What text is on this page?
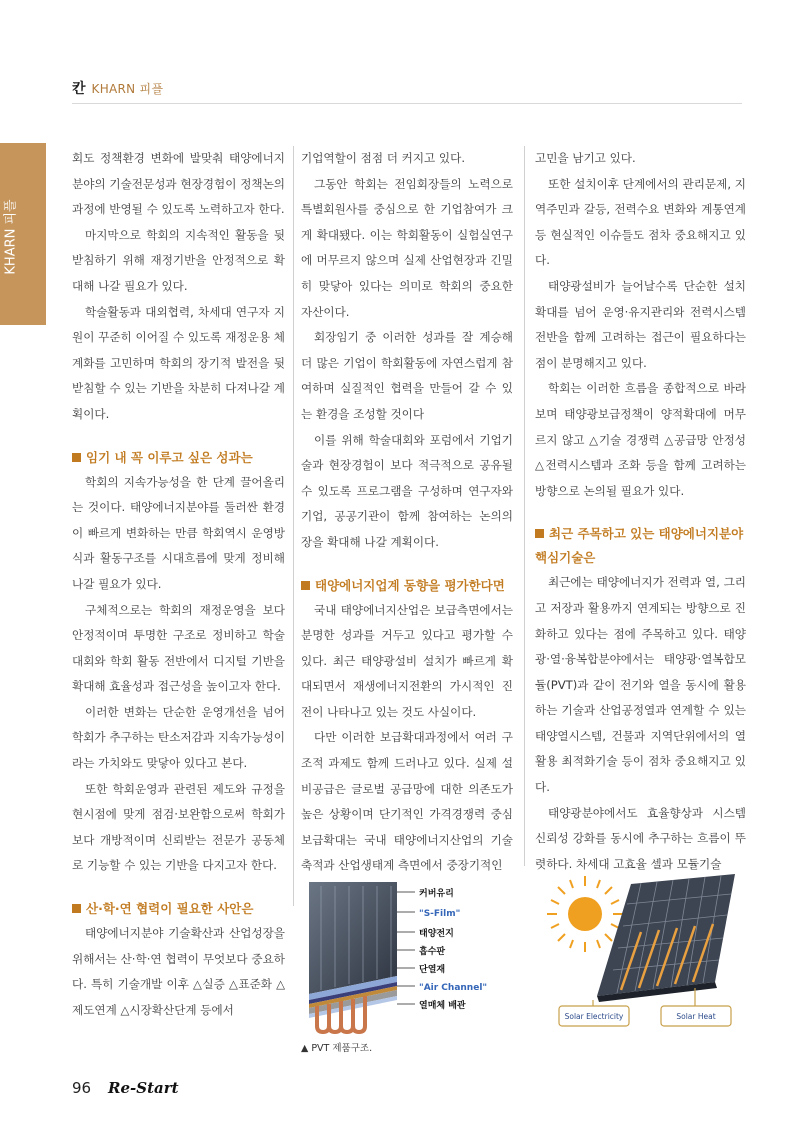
칸 KHARN 피플
KHARN 피플

회도 정책환경 변화에 발맞춰 태양에너지 분야의 기술전문성과 현장경험이 정책논의과정에 반영될 수 있도록 노력하고자 한다.

마지막으로 학회의 지속적인 활동을 뒷받침하기 위해 재정기반을 안정적으로 확대해 나갈 필요가 있다.

학술활동과 대외협력, 차세대 연구자 지원이 꾸준히 이어질 수 있도록 재정운용 체계화를 고민하며 학회의 장기적 발전을 뒷받침할 수 있는 기반을 차분히 다져나갈 계획이다.

임기 내 꼭 이루고 싶은 성과는

학회의 지속가능성을 한 단계 끌어올리는 것이다. 태양에너지분야를 둘러싼 환경이 빠르게 변화하는 만큼 학회역시 운영방식과 활동구조를 시대흐름에 맞게 정비해 나갈 필요가 있다.

구체적으로는 학회의 재정운영을 보다 안정적이며 투명한 구조로 정비하고 학술대회와 학회 활동 전반에서 디지털 기반을 확대해 효율성과 접근성을 높이고자 한다.

이러한 변화는 단순한 운영개선을 넘어 학회가 추구하는 탄소저감과 지속가능성이라는 가치와도 맞닿아 있다고 본다.

또한 학회운영과 관련된 제도와 규정을 현시점에 맞게 점검·보완함으로써 학회가 보다 개방적이며 신뢰받는 전문가 공동체로 기능할 수 있는 기반을 다지고자 한다.

산·학·연 협력이 필요한 사안은

태양에너지분야 기술확산과 산업성장을 위해서는 산·학·연 협력이 무엇보다 중요하다. 특히 기술개발 이후 △실증 △표준화 △제도연계 △시장확산단계 등에서

기업역할이 점점 더 커지고 있다.

그동안 학회는 전임회장들의 노력으로 특별회원사를 중심으로 한 기업참여가 크게 확대됐다. 이는 학회활동이 실험실연구에 머무르지 않으며 실제 산업현장과 긴밀히 맞닿아 있다는 의미로 학회의 중요한 자산이다.

회장임기 중 이러한 성과를 잘 계승해 더 많은 기업이 학회활동에 자연스럽게 참여하며 실질적인 협력을 만들어 갈 수 있는 환경을 조성할 것이다

이를 위해 학술대회와 포럼에서 기업기술과 현장경험이 보다 적극적으로 공유될 수 있도록 프로그램을 구성하며 연구자와 기업, 공공기관이 함께 참여하는 논의의 장을 확대해 나갈 계획이다.

태양에너지업계 동향을 평가한다면

국내 태양에너지산업은 보급측면에서는 분명한 성과를 거두고 있다고 평가할 수 있다. 최근 태양광설비 설치가 빠르게 확대되면서 재생에너지전환의 가시적인 진전이 나타나고 있는 것도 사실이다.

다만 이러한 보급확대과정에서 여러 구조적 과제도 함께 드러나고 있다. 실제 설비공급은 글로벌 공급망에 대한 의존도가 높은 상황이며 단기적인 가격경쟁력 중심 보급확대는 국내 태양에너지산업의 기술축적과 산업생태계 측면에서 중장기적인

고민을 남기고 있다.

또한 설치이후 단계에서의 관리문제, 지역주민과 갈등, 전력수요 변화와 계통연계 등 현실적인 이슈들도 점차 중요해지고 있다.

태양광설비가 늘어날수록 단순한 설치확대를 넘어 운영·유지관리와 전력시스템 전반을 함께 고려하는 접근이 필요하다는 점이 분명해지고 있다.

학회는 이러한 흐름을 종합적으로 바라보며 태양광보급정책이 양적확대에 머무르지 않고 △기술 경쟁력 △공급망 안정성 △전력시스템과 조화 등을 함께 고려하는 방향으로 논의될 필요가 있다.

최근 주목하고 있는 태양에너지분야 핵심기술은

최근에는 태양에너지가 전력과 열, 그리고 저장과 활용까지 연계되는 방향으로 진화하고 있다는 점에 주목하고 있다. 태양광·열·융복합분야에서는 태양광·열복합모듈(PVT)과 같이 전기와 열을 동시에 활용하는 기술과 산업공정열과 연계할 수 있는 태양열시스템, 건물과 지역단위에서의 열 활용 최적화기술 등이 점차 중요해지고 있다.

태양광분야에서도 효율향상과 시스템 신뢰성 강화를 동시에 추구하는 흐름이 뚜렷하다. 차세대 고효율 셀과 모듈기술

커버유리
"S-Film"
태양전지
흡수판
단열재
"Air Channel"
열매체 배관
▲ PVT 제품구조.
Solar Electricity	Solar Heat
96 Re-Start
